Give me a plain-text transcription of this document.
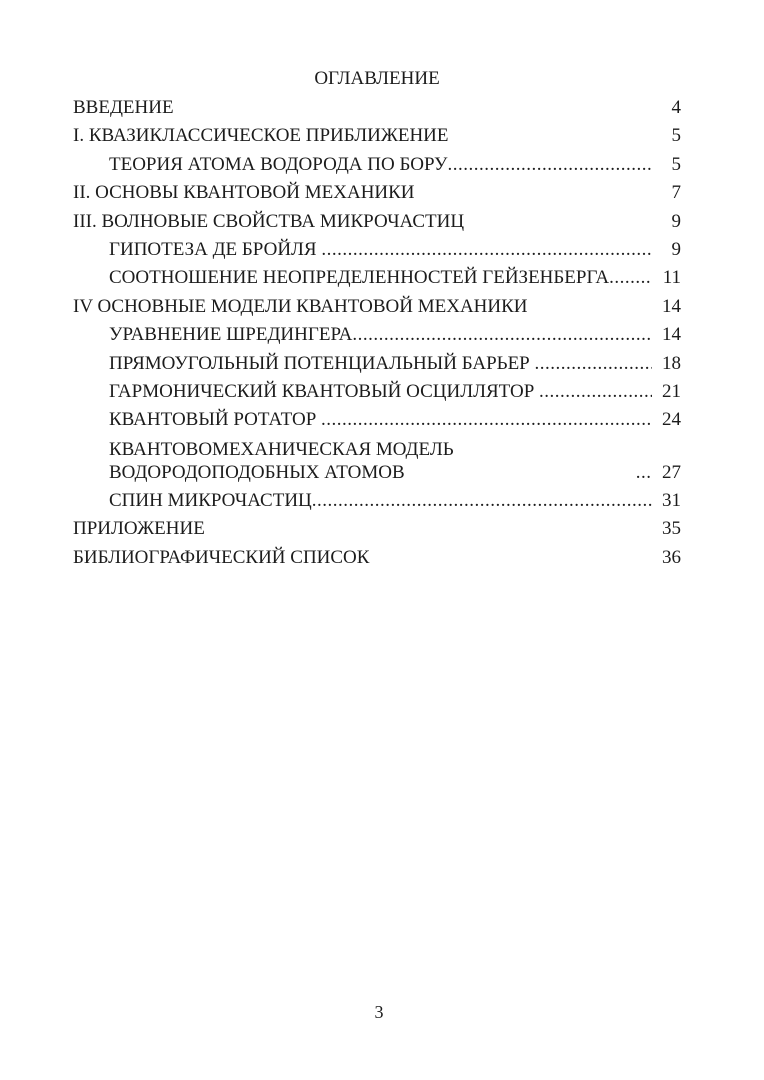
ОГЛАВЛЕНИЕ
ВВЕДЕНИЕ	4
I. КВАЗИКЛАССИЧЕСКОЕ ПРИБЛИЖЕНИЕ	5
ТЕОРИЯ АТОМА ВОДОРОДА ПО БОРУ .....	5
II. ОСНОВЫ КВАНТОВОЙ МЕХАНИКИ	7
III. ВОЛНОВЫЕ СВОЙСТВА МИКРОЧАСТИЦ	9
ГИПОТЕЗА ДЕ БРОЙЛЯ .....	9
СООТНОШЕНИЕ НЕОПРЕДЕЛЕННОСТЕЙ ГЕЙЗЕНБЕРГА .....	11
IV ОСНОВНЫЕ МОДЕЛИ КВАНТОВОЙ МЕХАНИКИ	14
УРАВНЕНИЕ ШРЕДИНГЕРА .....	14
ПРЯМОУГОЛЬНЫЙ ПОТЕНЦИАЛЬНЫЙ БАРЬЕР .....	18
ГАРМОНИЧЕСКИЙ КВАНТОВЫЙ ОСЦИЛЛЯТОР .....	21
КВАНТОВЫЙ РОТАТОР .....	24
КВАНТОВОМЕХАНИЧЕСКАЯ МОДЕЛЬ  ВОДОРОДОПОДОБНЫХ АТОМОВ .....	27
СПИН МИКРОЧАСТИЦ .....	31
ПРИЛОЖЕНИЕ	35
БИБЛИОГРАФИЧЕСКИЙ СПИСОК	36
3
